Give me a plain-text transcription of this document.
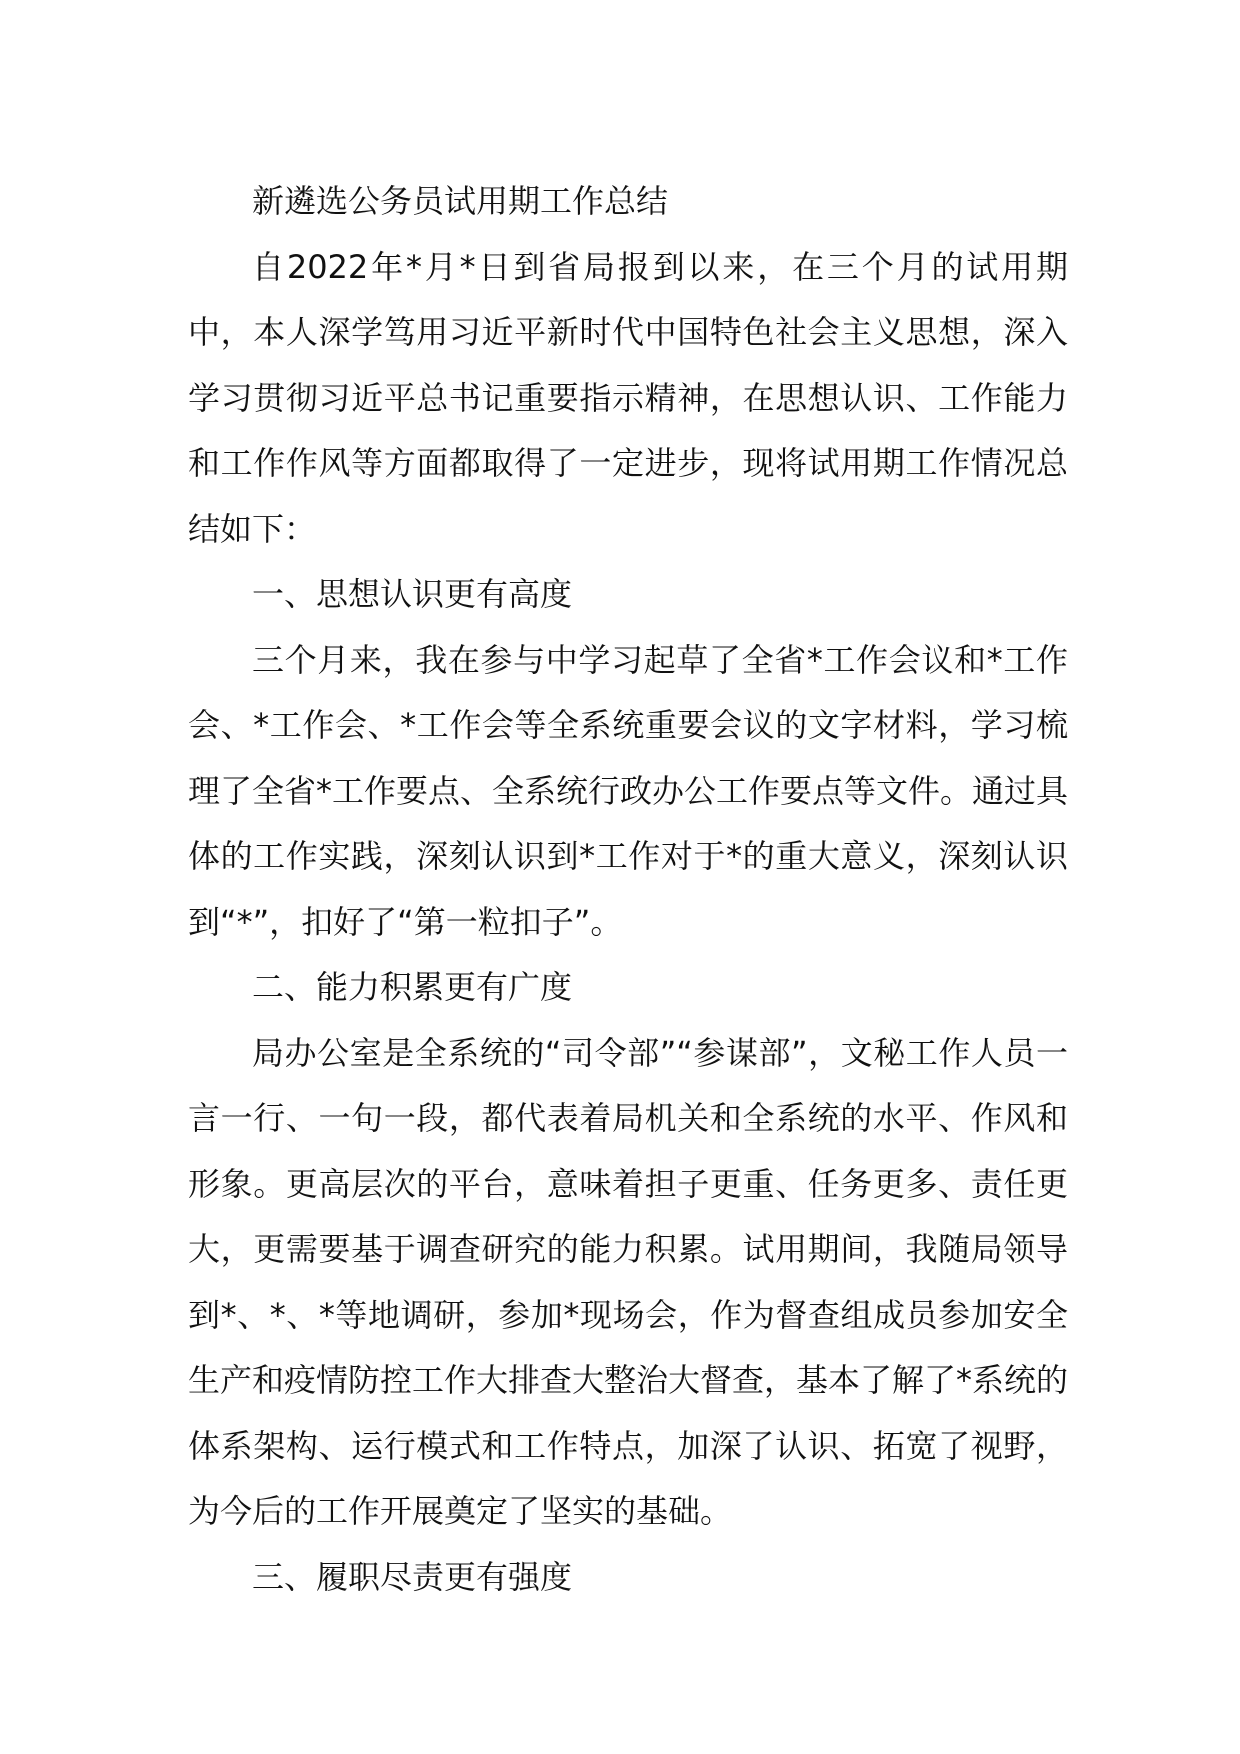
新遴选公务员试用期工作总结

自2022年*月*日到省局报到以来，在三个月的试用期中，本人深学笃用习近平新时代中国特色社会主义思想，深入学习贯彻习近平总书记重要指示精神，在思想认识、工作能力和工作作风等方面都取得了一定进步，现将试用期工作情况总结如下：

一、思想认识更有高度

三个月来，我在参与中学习起草了全省*工作会议和*工作会、*工作会、*工作会等全系统重要会议的文字材料，学习梳理了全省*工作要点、全系统行政办公工作要点等文件。通过具体的工作实践，深刻认识到*工作对于*的重大意义，深刻认识到“*”，扣好了“第一粒扣子”。

二、能力积累更有广度

局办公室是全系统的“司令部”“参谋部”，文秘工作人员一言一行、一句一段，都代表着局机关和全系统的水平、作风和形象。更高层次的平台，意味着担子更重、任务更多、责任更大，更需要基于调查研究的能力积累。试用期间，我随局领导到*、*、*等地调研，参加*现场会，作为督查组成员参加安全生产和疫情防控工作大排查大整治大督查，基本了解了*系统的体系架构、运行模式和工作特点，加深了认识、拓宽了视野，为今后的工作开展奠定了坚实的基础。

三、履职尽责更有强度
